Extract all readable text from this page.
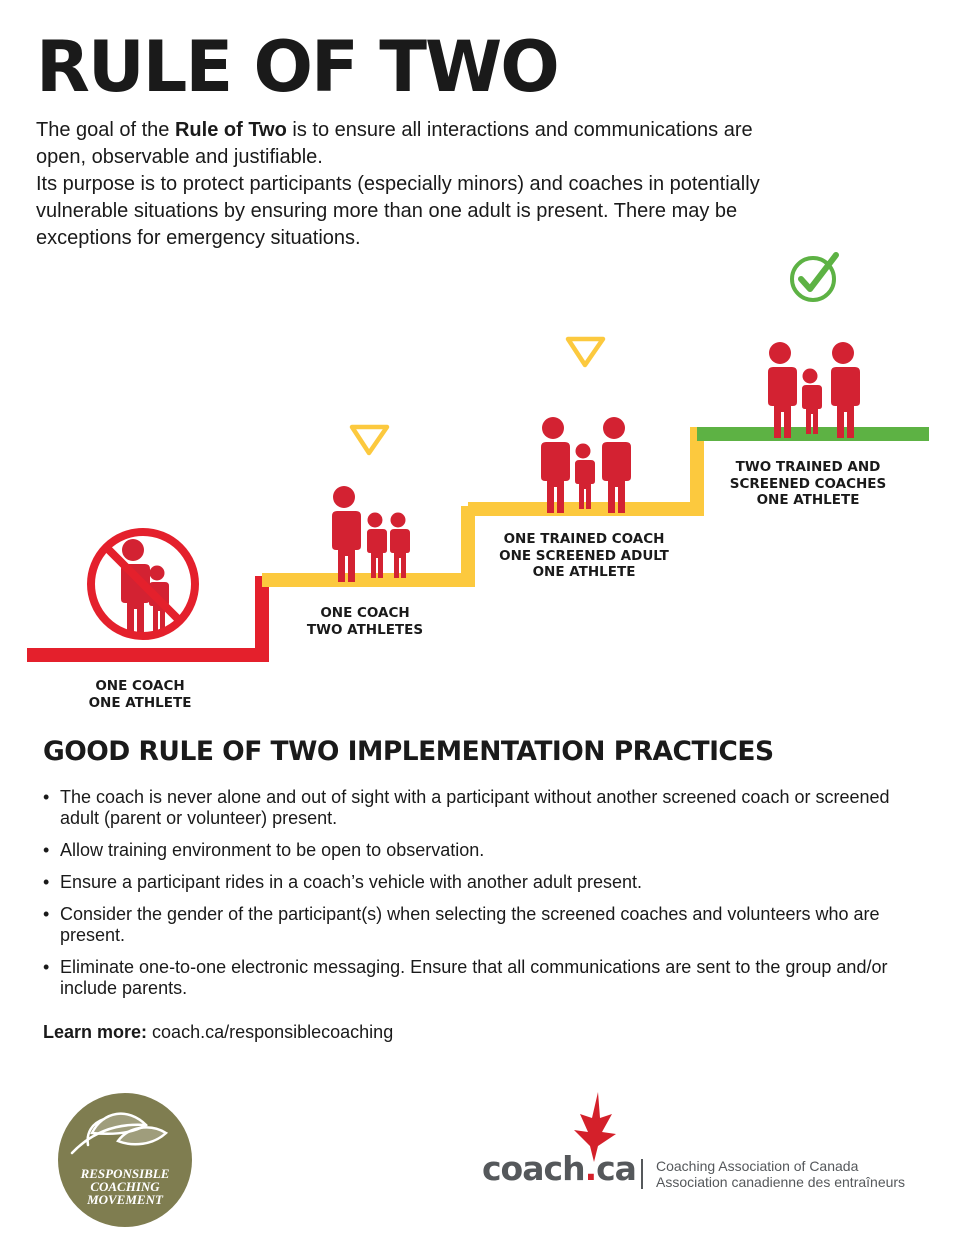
RULE OF TWO

The goal of the Rule of Two is to ensure all interactions and communications are open, observable and justifiable.

Its purpose is to protect participants (especially minors) and coaches in potentially vulnerable situations by ensuring more than one adult is present. There may be exceptions for emergency situations.

ONE COACH
ONE ATHLETE
ONE COACH
TWO ATHLETES
ONE TRAINED COACH
ONE SCREENED ADULT
ONE ATHLETE
TWO TRAINED AND
SCREENED COACHES
ONE ATHLETE
GOOD RULE OF TWO IMPLEMENTATION PRACTICES
• The coach is never alone and out of sight with a participant without another screened coach or screened adult (parent or volunteer) present.
• Allow training environment to be open to observation.
• Ensure a participant rides in a coach’s vehicle with another adult present.
• Consider the gender of the participant(s) when selecting the screened coaches and volunteers who are present.
• Eliminate one-to-one electronic messaging. Ensure that all communications are sent to the group and/or include parents.
Learn more: coach.ca/responsiblecoaching
RESPONSIBLE
COACHING
MOVEMENT
coach.ca Coaching Association of Canada
Association canadienne des entraîneurs
